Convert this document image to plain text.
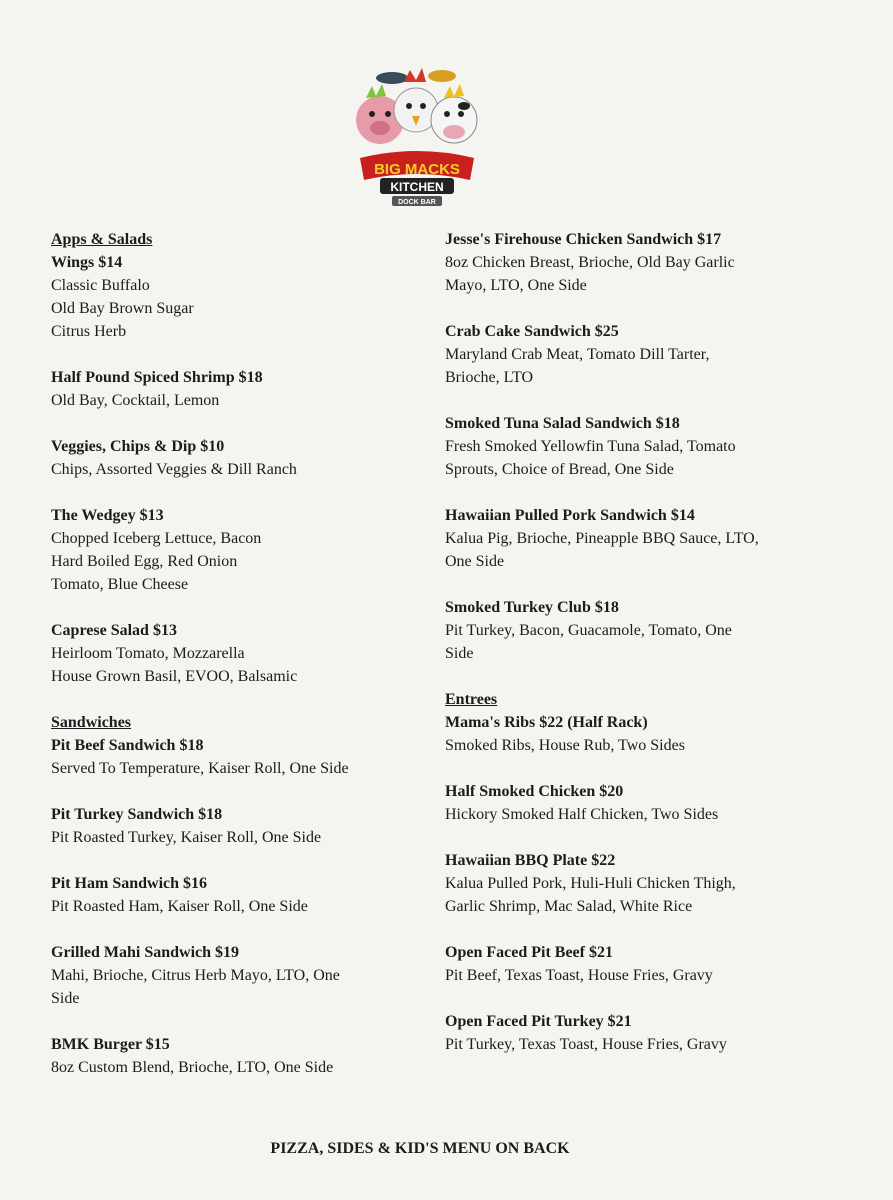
BIG MACKS
KITCHEN
DOCK BAR
Apps & Salads
Wings $14
Classic Buffalo
Old Bay Brown Sugar
Citrus Herb
Half Pound Spiced Shrimp $18
Old Bay, Cocktail, Lemon
Veggies, Chips & Dip $10
Chips, Assorted Veggies & Dill Ranch
The Wedgey $13
Chopped Iceberg Lettuce, Bacon
Hard Boiled Egg, Red Onion
Tomato, Blue Cheese
Caprese Salad $13
Heirloom Tomato, Mozzarella
House Grown Basil, EVOO, Balsamic
Sandwiches
Pit Beef Sandwich $18
Served To Temperature, Kaiser Roll, One Side
Pit Turkey Sandwich $18
Pit Roasted Turkey, Kaiser Roll, One Side
Pit Ham Sandwich $16
Pit Roasted Ham, Kaiser Roll, One Side
Grilled Mahi Sandwich $19
Mahi, Brioche, Citrus Herb Mayo, LTO, One
Side
BMK Burger $15
8oz Custom Blend, Brioche, LTO, One Side
Jesse's Firehouse Chicken Sandwich $17
8oz Chicken Breast, Brioche, Old Bay Garlic
Mayo, LTO, One Side
Crab Cake Sandwich $25
Maryland Crab Meat, Tomato Dill Tarter,
Brioche, LTO
Smoked Tuna Salad Sandwich $18
Fresh Smoked Yellowfin Tuna Salad, Tomato
Sprouts, Choice of Bread, One Side
Hawaiian Pulled Pork Sandwich $14
Kalua Pig, Brioche, Pineapple BBQ Sauce, LTO,
One Side
Smoked Turkey Club $18
Pit Turkey, Bacon, Guacamole, Tomato, One
Side
Entrees
Mama's Ribs $22 (Half Rack)
Smoked Ribs, House Rub, Two Sides
Half Smoked Chicken $20
Hickory Smoked Half Chicken, Two Sides
Hawaiian BBQ Plate $22
Kalua Pulled Pork, Huli-Huli Chicken Thigh,
Garlic Shrimp, Mac Salad, White Rice
Open Faced Pit Beef $21
Pit Beef, Texas Toast, House Fries, Gravy
Open Faced Pit Turkey $21
Pit Turkey, Texas Toast, House Fries, Gravy
PIZZA, SIDES & KID'S MENU ON BACK
